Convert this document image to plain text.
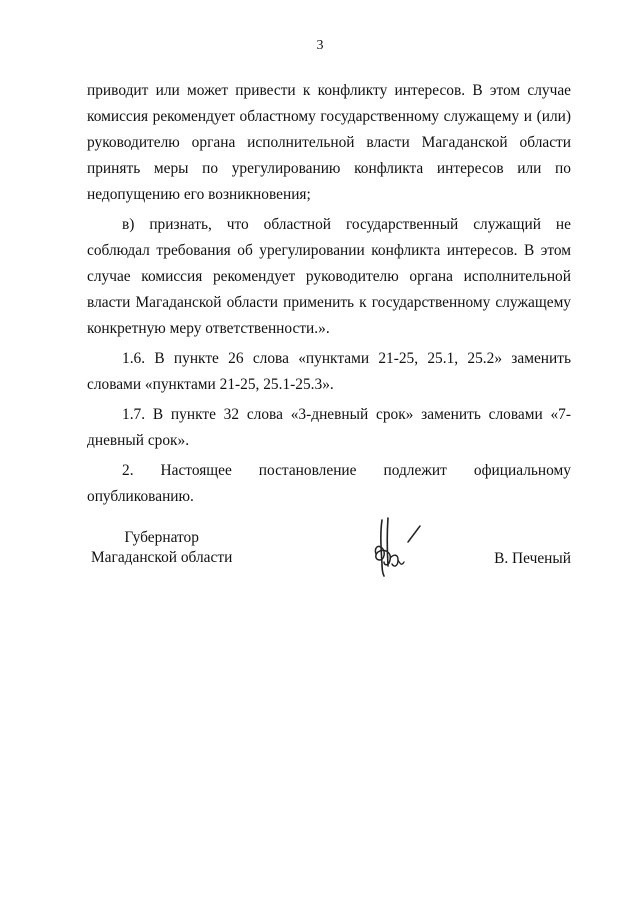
3

приводит или может привести к конфликту интересов. В этом случае комиссия рекомендует областному государственному служащему и (или) руководителю органа исполнительной власти Магаданской области принять меры по урегулированию конфликта интересов или по недопущению его возникновения;

в) признать, что областной государственный служащий не соблюдал требования об урегулировании конфликта интересов. В этом случае комиссия рекомендует руководителю органа исполнительной власти Магаданской области применить к государственному служащему конкретную меру ответственности.».

1.6. В пункте 26 слова «пунктами 21-25, 25.1, 25.2» заменить словами «пунктами 21-25, 25.1-25.3».

1.7. В пункте 32 слова «3-дневный срок» заменить словами «7-дневный срок».

2. Настоящее постановление подлежит официальному опубликованию.

Губернатор
Магаданской области	В. Печеный
